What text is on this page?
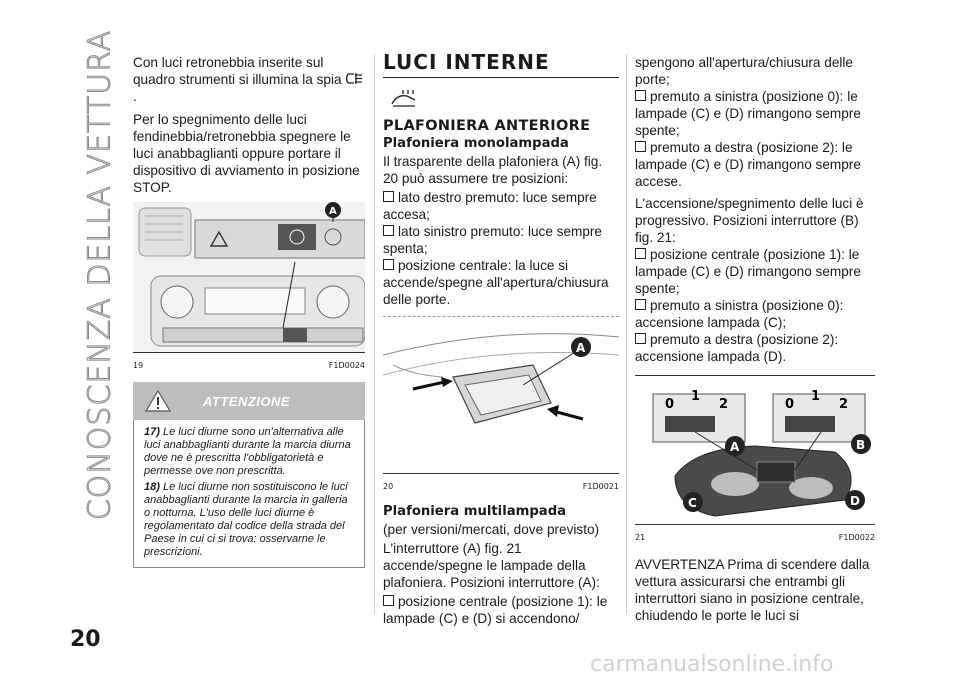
CONOSCENZA DELLA VETTURA Con luci retronebbia inserite sul quadro strumenti si illumina la spia .

Per lo spegnimento delle luci fendinebbia/retronebbia spegnere le luci anabbaglianti oppure portare il dispositivo di avviamento in posizione STOP.

A
19	F1D0024
ATTENZIONE

17) Le luci diurne sono un'alternativa alle luci anabbaglianti durante la marcia diurna dove ne è prescritta l'obbligatorietà e permesse ove non prescritta.

18) Le luci diurne non sostituiscono le luci anabbaglianti durante la marcia in galleria o notturna. L'uso delle luci diurne è regolamentato dal codice della strada del Paese in cui ci si trova: osservarne le prescrizioni.

LUCI INTERNE
PLAFONIERA ANTERIORE
Plafoniera monolampada

Il trasparente della plafoniera (A) fig. 20 può assumere tre posizioni:

lato destro premuto: luce sempre accesa;

lato sinistro premuto: luce sempre spenta;

posizione centrale: la luce si accende/spegne all'apertura/chiusura delle porte.

A
20	F1D0021
Plafoniera multilampada

(per versioni/mercati, dove previsto)

L'interruttore (A) fig. 21 accende/spegne le lampade della plafoniera. Posizioni interruttore (A):

posizione centrale (posizione 1): le lampade (C) e (D) si accendono/

spengono all'apertura/chiusura delle porte;

premuto a sinistra (posizione 0): le lampade (C) e (D) rimangono sempre spente;

premuto a destra (posizione 2): le lampade (C) e (D) rimangono sempre accese.

L'accensione/spegnimento delle luci è progressivo. Posizioni interruttore (B) fig. 21:

posizione centrale (posizione 1): le lampade (C) e (D) rimangono sempre spente;

premuto a sinistra (posizione 0): accensione lampada (C);

premuto a destra (posizione 2): accensione lampada (D).

0
1
2	0
1
2
A	B
C	D
21	F1D0022

AVVERTENZA Prima di scendere dalla vettura assicurarsi che entrambi gli interruttori siano in posizione centrale, chiudendo le porte le luci si

20
carmanualsonline.info
